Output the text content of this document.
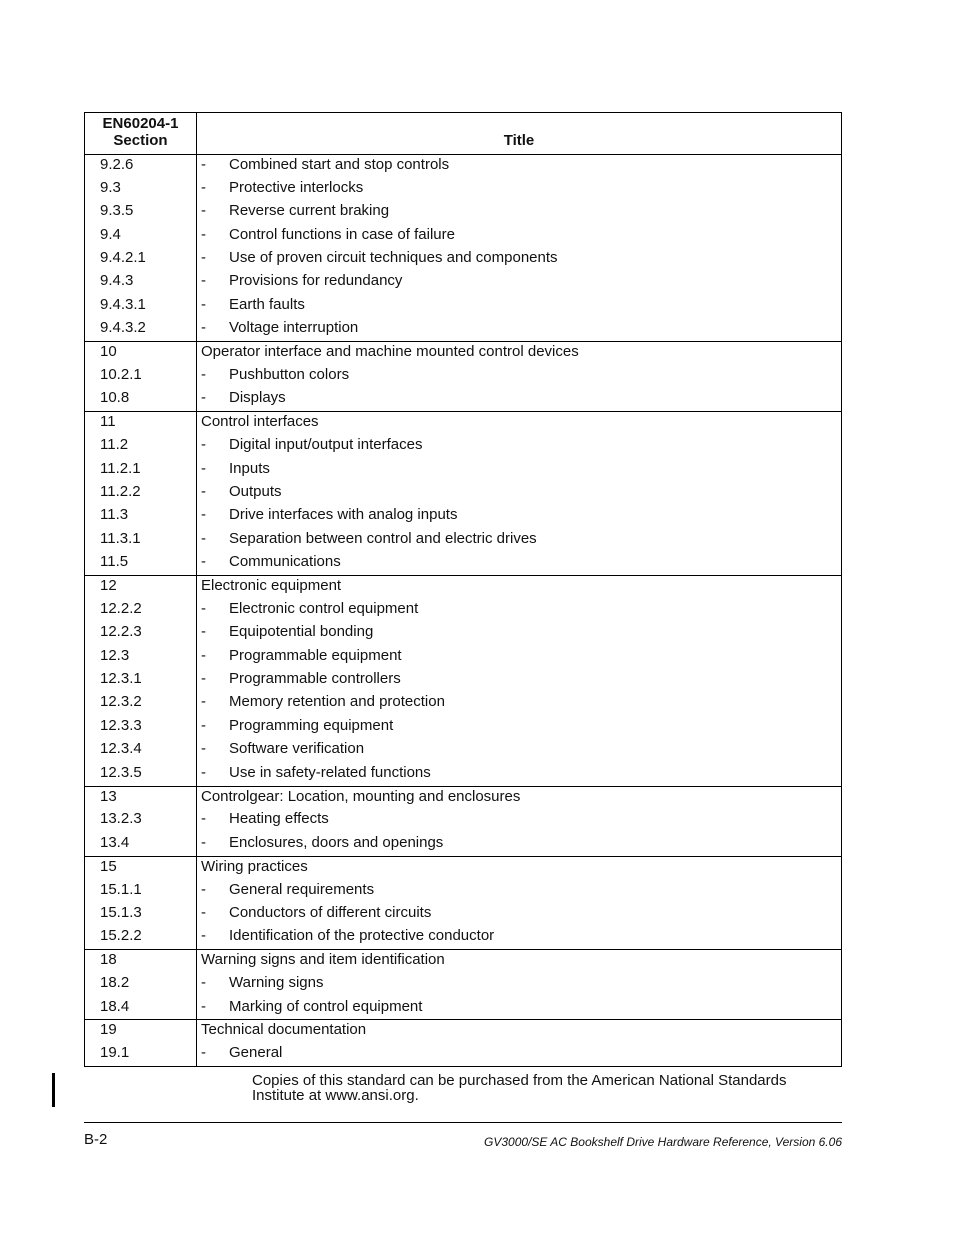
EN60204-1
Section	Title
9.2.6	- Combined start and stop controls
9.3	- Protective interlocks
9.3.5	- Reverse current braking
9.4	- Control functions in case of failure
9.4.2.1	- Use of proven circuit techniques and components
9.4.3	- Provisions for redundancy
9.4.3.1	- Earth faults
9.4.3.2	- Voltage interruption
10	Operator interface and machine mounted control devices
10.2.1	- Pushbutton colors
10.8	- Displays
11	Control interfaces
11.2	- Digital input/output interfaces
11.2.1	- Inputs
11.2.2	- Outputs
11.3	- Drive interfaces with analog inputs
11.3.1	- Separation between control and electric drives
11.5	- Communications
12	Electronic equipment
12.2.2	- Electronic control equipment
12.2.3	- Equipotential bonding
12.3	- Programmable equipment
12.3.1	- Programmable controllers
12.3.2	- Memory retention and protection
12.3.3	- Programming equipment
12.3.4	- Software verification
12.3.5	- Use in safety-related functions
13	Controlgear: Location, mounting and enclosures
13.2.3	- Heating effects
13.4	- Enclosures, doors and openings
15	Wiring practices
15.1.1	- General requirements
15.1.3	- Conductors of different circuits
15.2.2	- Identification of the protective conductor
18	Warning signs and item identification
18.2	- Warning signs
18.4	- Marking of control equipment
19	Technical documentation
19.1	- General
Copies of this standard can be purchased from the American National Standards Institute at www.ansi.org.
B-2	GV3000/SE AC Bookshelf Drive Hardware Reference, Version 6.06
